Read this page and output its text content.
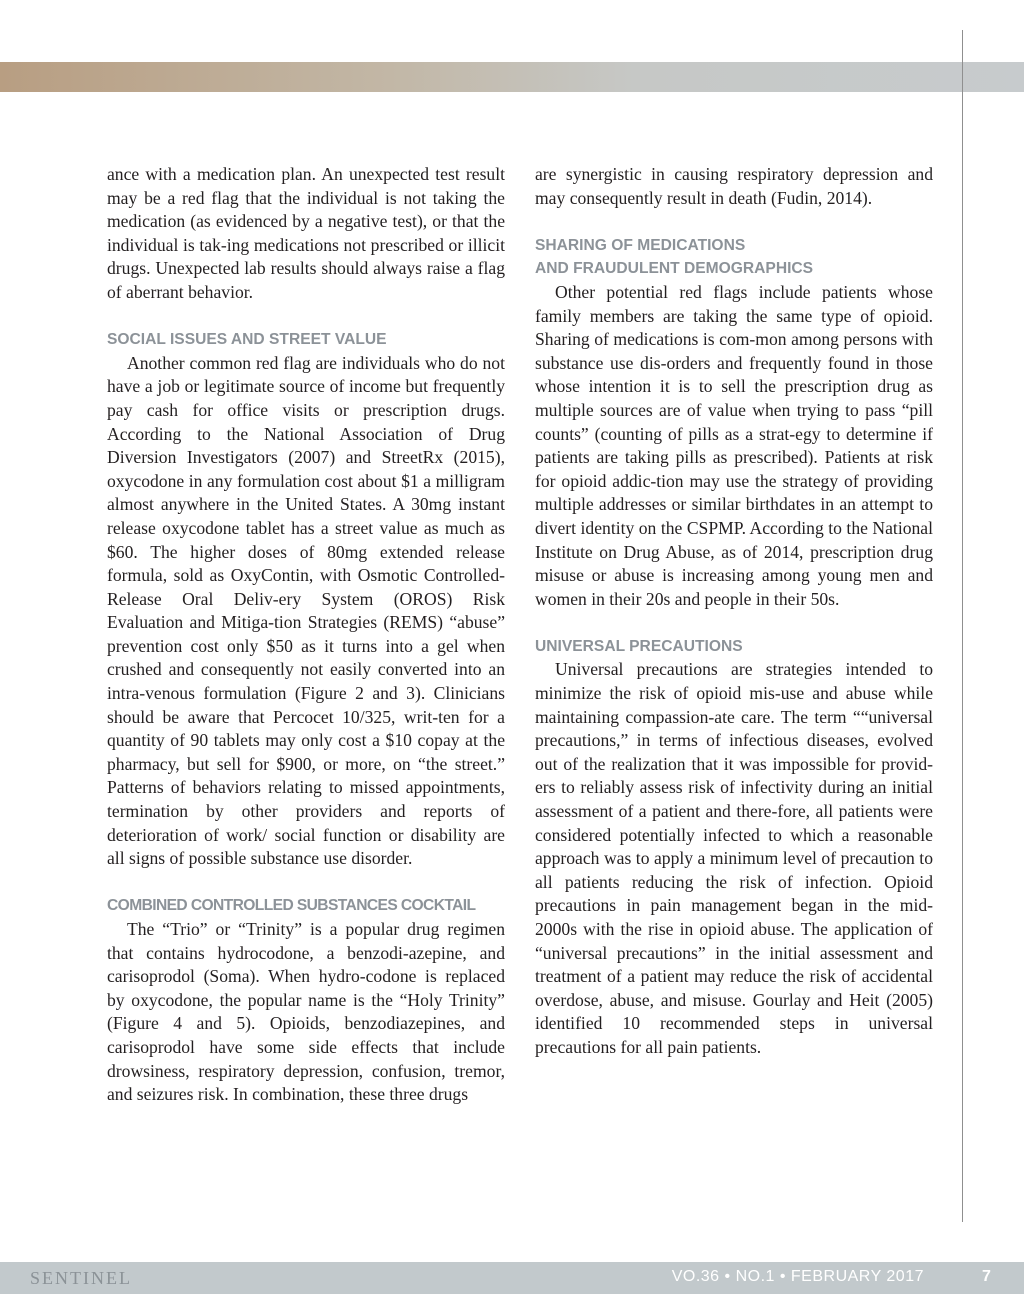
ance with a medication plan. An unexpected test result may be a red flag that the individual is not taking the medication (as evidenced by a negative test), or that the individual is tak-ing medications not prescribed or illicit drugs. Unexpected lab results should always raise a flag of aberrant behavior.

SOCIAL ISSUES AND STREET VALUE

Another common red flag are individuals who do not have a job or legitimate source of income but frequently pay cash for office visits or prescription drugs. According to the National Association of Drug Diversion Investigators (2007) and StreetRx (2015), oxycodone in any formulation cost about $1 a milligram almost anywhere in the United States. A 30mg instant release oxycodone tablet has a street value as much as $60. The higher doses of 80mg extended release formula, sold as OxyContin, with Osmotic Controlled- Release Oral Deliv-ery System (OROS) Risk Evaluation and Mitiga-tion Strategies (REMS) “abuse” prevention cost only $50 as it turns into a gel when crushed and consequently not easily converted into an intra-venous formulation (Figure 2 and 3). Clinicians should be aware that Percocet 10/325, writ-ten for a quantity of 90 tablets may only cost a $10 copay at the pharmacy, but sell for $900, or more, on “the street.” Patterns of behaviors relating to missed appointments, termination by other providers and reports of deterioration of work/ social function or disability are all signs of possible substance use disorder.

COMBINED CONTROLLED SUBSTANCES COCKTAIL

The “Trio” or “Trinity” is a popular drug regimen that contains hydrocodone, a benzodi-azepine, and carisoprodol (Soma). When hydro-codone is replaced by oxycodone, the popular name is the “Holy Trinity” (Figure 4 and 5). Opioids, benzodiazepines, and carisoprodol have some side effects that include drowsiness, respiratory depression, confusion, tremor, and seizures risk. In combination, these three drugs

are synergistic in causing respiratory depression and may consequently result in death (Fudin, 2014).

SHARING OF MEDICATIONS
AND FRAUDULENT DEMOGRAPHICS

Other potential red flags include patients whose family members are taking the same type of opioid. Sharing of medications is com-mon among persons with substance use dis-orders and frequently found in those whose intention it is to sell the prescription drug as multiple sources are of value when trying to pass “pill counts” (counting of pills as a strat-egy to determine if patients are taking pills as prescribed). Patients at risk for opioid addic-tion may use the strategy of providing multiple addresses or similar birthdates in an attempt to divert identity on the CSPMP. According to the National Institute on Drug Abuse, as of 2014, prescription drug misuse or abuse is increasing among young men and women in their 20s and people in their 50s.

UNIVERSAL PRECAUTIONS

Universal precautions are strategies intended to minimize the risk of opioid mis-use and abuse while maintaining compassion-ate care. The term ““universal precautions,” in terms of infectious diseases, evolved out of the realization that it was impossible for provid-ers to reliably assess risk of infectivity during an initial assessment of a patient and there-fore, all patients were considered potentially infected to which a reasonable approach was to apply a minimum level of precaution to all patients reducing the risk of infection. Opioid precautions in pain management began in the mid-2000s with the rise in opioid abuse. The application of “universal precautions” in the initial assessment and treatment of a patient may reduce the risk of accidental overdose, abuse, and misuse. Gourlay and Heit (2005) identified 10 recommended steps in universal precautions for all pain patients.

SENTINEL	VO.36 • NO.1 • FEBRUARY 2017	7
